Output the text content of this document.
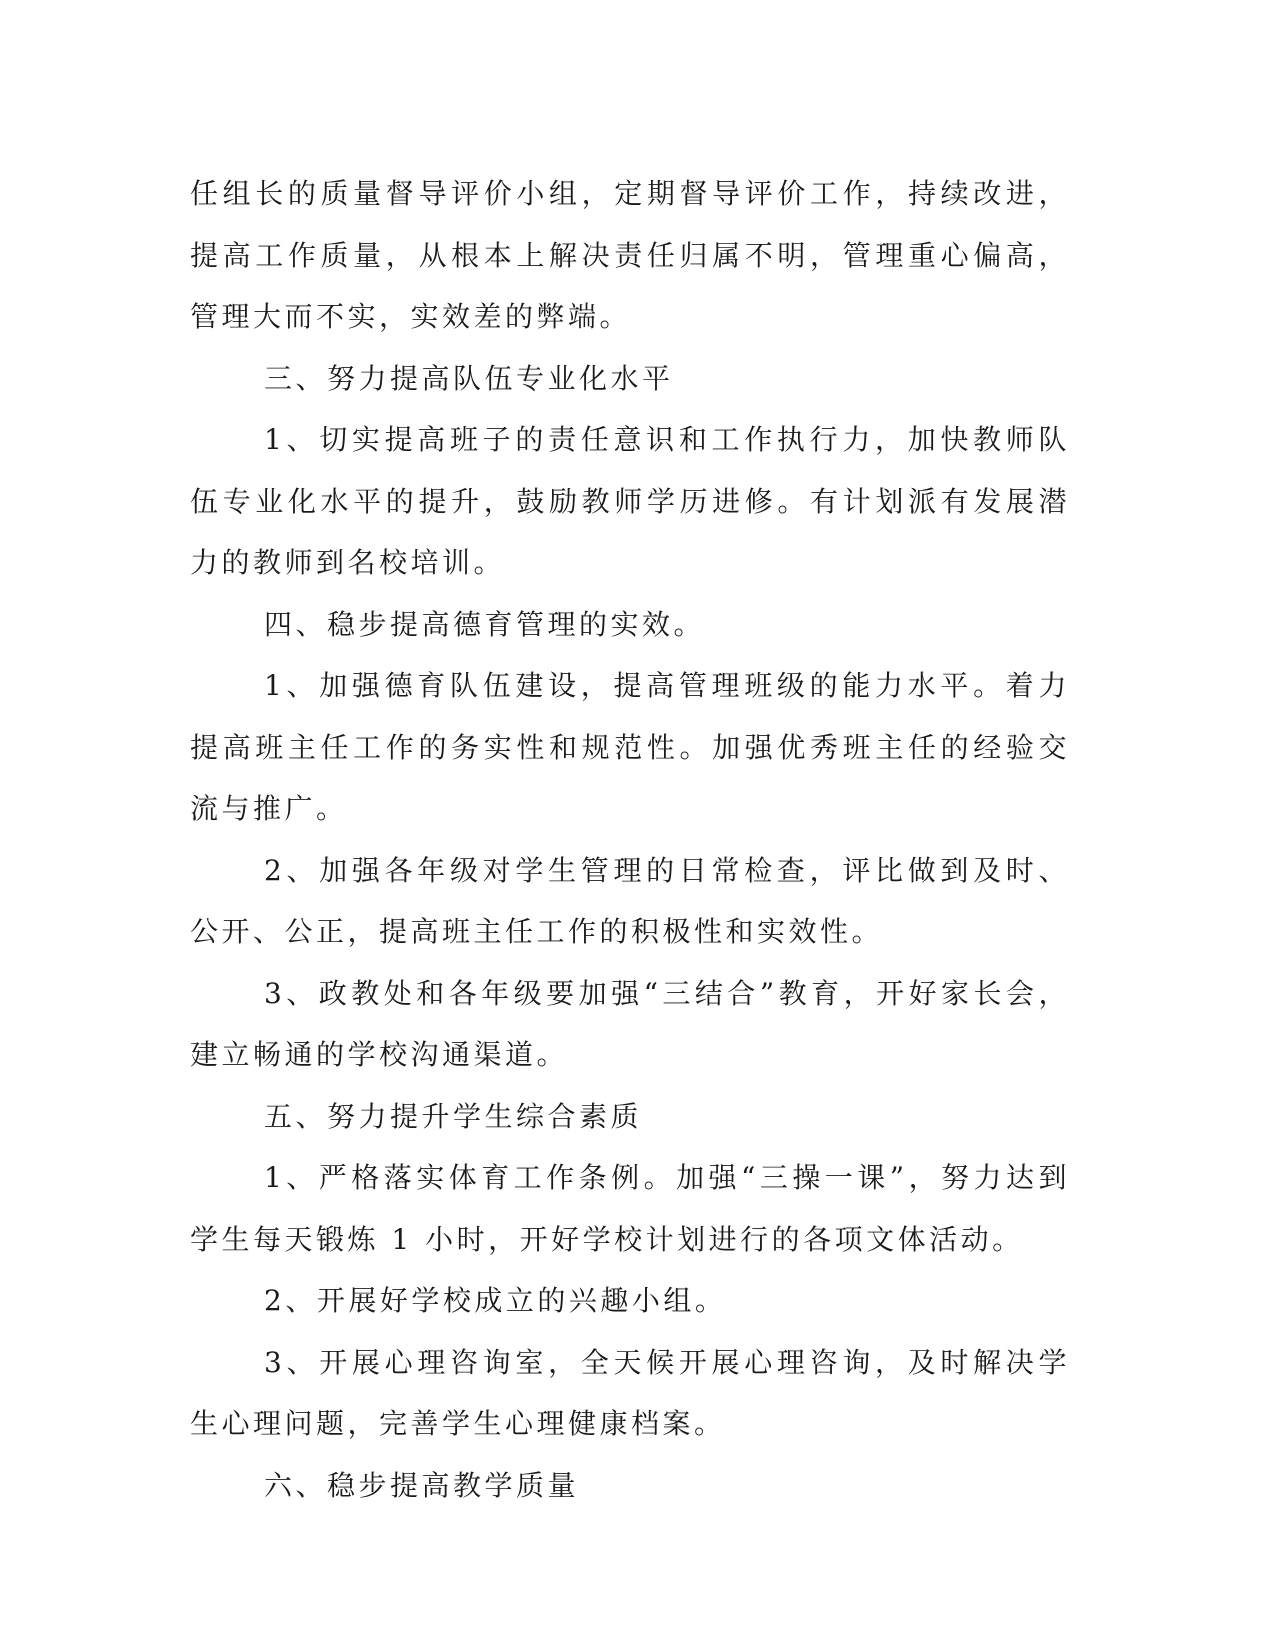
任组长的质量督导评价小组，定期督导评价工作，持续改进，提高工作质量，从根本上解决责任归属不明，管理重心偏高，管理大而不实，实效差的弊端。

三、努力提高队伍专业化水平

1、切实提高班子的责任意识和工作执行力，加快教师队伍专业化水平的提升，鼓励教师学历进修。有计划派有发展潜力的教师到名校培训。

四、稳步提高德育管理的实效。

1、加强德育队伍建设，提高管理班级的能力水平。着力提高班主任工作的务实性和规范性。加强优秀班主任的经验交流与推广。

2、加强各年级对学生管理的日常检查，评比做到及时、公开、公正，提高班主任工作的积极性和实效性。

3、政教处和各年级要加强“三结合”教育，开好家长会，建立畅通的学校沟通渠道。

五、努力提升学生综合素质

1、严格落实体育工作条例。加强“三操一课”，努力达到学生每天锻炼 1 小时，开好学校计划进行的各项文体活动。

2、开展好学校成立的兴趣小组。

3、开展心理咨询室，全天候开展心理咨询，及时解决学生心理问题，完善学生心理健康档案。

六、稳步提高教学质量
